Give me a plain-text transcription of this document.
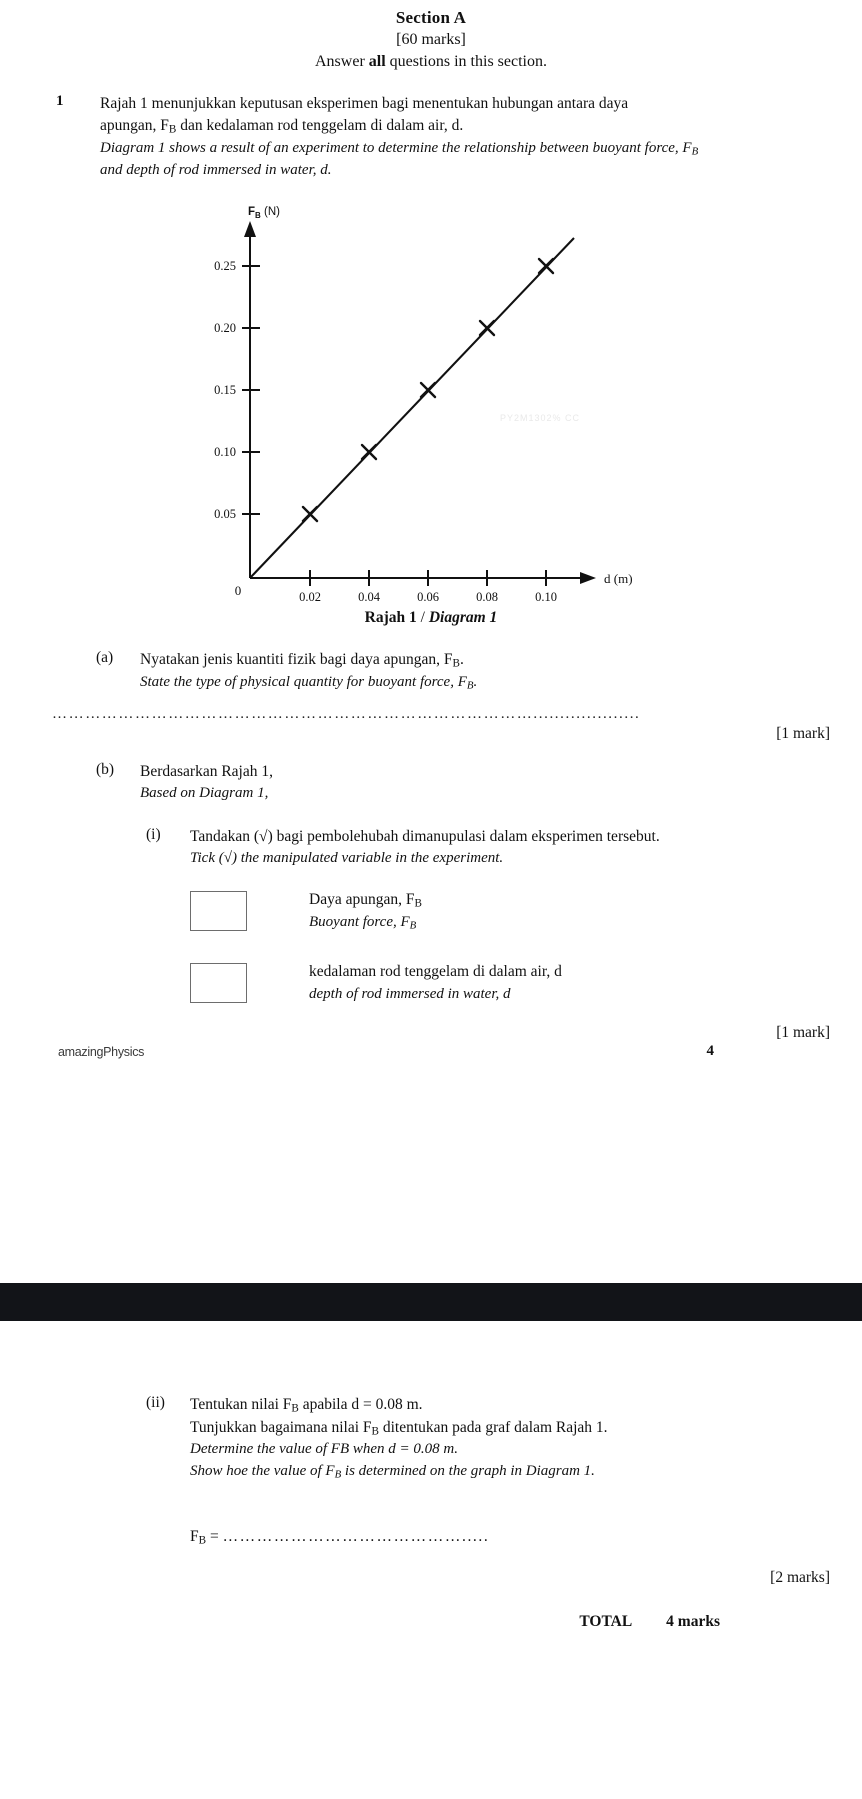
Section A
[60 marks]
Answer all questions in this section.
1 Rajah 1 menunjukkan keputusan eksperimen bagi menentukan hubungan antara daya

apungan, $F_B$ dan kedalaman rod tenggelam di dalam air, d.

Diagram 1 shows a result of an experiment to determine the relationship between buoyant force, $F_B$

and depth of rod immersed in water, d.

PY2M1302% CC
0.05
0.10
0.15
0.20
0.25
0	0.02	0.04	0.06	0.08	0.10
$F_B$ (N)
d (m)
Rajah 1 / Diagram 1
(a) Nyatakan jenis kuantiti fizik bagi daya apungan, $F_B$.

State the type of physical quantity for buoyant force, $F_B$.

……………………………………………………………………………....................
[1 mark]
(b) Berdasarkan Rajah 1,

Based on Diagram 1,

(i) Tandakan (√) bagi pembolehubah dimanupulasi dalam eksperimen tersebut.

Tick (√) the manipulated variable in the experiment.

Daya apungan, $F_B$

Buoyant force, $F_B$

kedalaman rod tenggelam di dalam air, d

depth of rod immersed in water, d

[1 mark]
amazingPhysics	4
(ii) Tentukan nilai $F_B$ apabila d = 0.08 m.

Tunjukkan bagaimana nilai $F_B$ ditentukan pada graf dalam Rajah 1.

Determine the value of FB when d = 0.08 m.

Show hoe the value of $F_B$ is determined on the graph in Diagram 1.

$F_B$ = …………………………………….....
[2 marks]
TOTAL 4 marks
